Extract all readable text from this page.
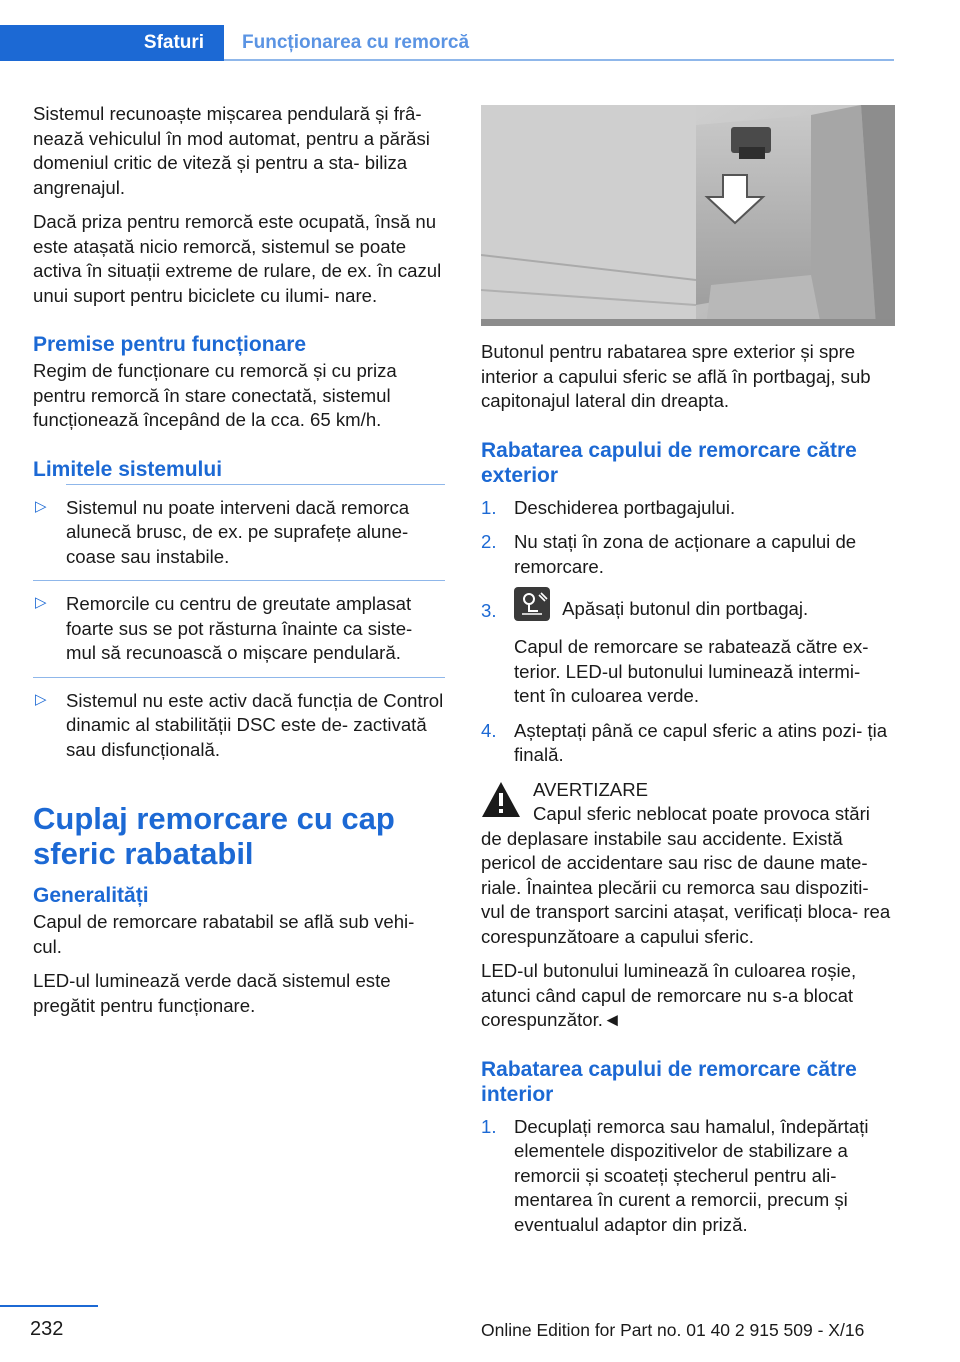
Sfaturi	Funcționarea cu remorcă

Sistemul recunoaște mișcarea pendulară și frâ‐ nează vehiculul în mod automat, pentru a părăsi domeniul critic de viteză și pentru a sta‐ biliza angrenajul.

Dacă priza pentru remorcă este ocupată, însă nu este atașată nicio remorcă, sistemul se poate activa în situații extreme de rulare, de ex. în cazul unui suport pentru biciclete cu ilumi‐ nare.

Premise pentru funcționare

Regim de funcționare cu remorcă și cu priza pentru remorcă în stare conectată, sistemul funcționează începând de la cca. 65 km/h.

Limitele sistemului
▷ Sistemul nu poate interveni dacă remorca alunecă brusc, de ex. pe suprafețe alune‐ coase sau instabile.
▷ Remorcile cu centru de greutate amplasat foarte sus se pot răsturna înainte ca siste‐ mul să recunoască o mișcare pendulară.
▷ Sistemul nu este activ dacă funcția de Control dinamic al stabilității DSC este de‐ zactivată sau disfuncțională.
Cuplaj remorcare cu cap sferic rabatabil
Generalități

Capul de remorcare rabatabil se află sub vehi‐ cul.

LED-ul luminează verde dacă sistemul este pregătit pentru funcționare.

Butonul pentru rabatarea spre exterior și spre interior a capului sferic se află în portbagaj, sub capitonajul lateral din dreapta.

Rabatarea capului de remorcare către exterior
1. Deschiderea portbagajului.
2. Nu stați în zona de acționare a capului de remorcare.
3.	Apăsați butonul din portbagaj.
Capul de remorcare se rabatează către ex‐ terior. LED-ul butonului luminează intermi‐ tent în culoarea verde.
4. Așteptați până ce capul sferic a atins pozi‐ ția finală.
AVERTIZARE
Capul sferic neblocat poate provoca stări de deplasare instabile sau accidente. Există pericol de accidentare sau risc de daune mate‐ riale. Înaintea plecării cu remorca sau dispoziti‐ vul de transport sarcini atașat, verificați bloca‐ rea corespunzătoare a capului sferic.

LED-ul butonului luminează în culoarea roșie, atunci când capul de remorcare nu s-a blocat corespunzător.◄

Rabatarea capului de remorcare către interior
1. Decuplați remorca sau hamalul, îndepărtați elementele dispozitivelor de stabilizare a remorcii și scoateți ștecherul pentru ali‐ mentarea în curent a remorcii, precum și eventualul adaptor din priză.
232	Online Edition for Part no. 01 40 2 915 509 - X/16
